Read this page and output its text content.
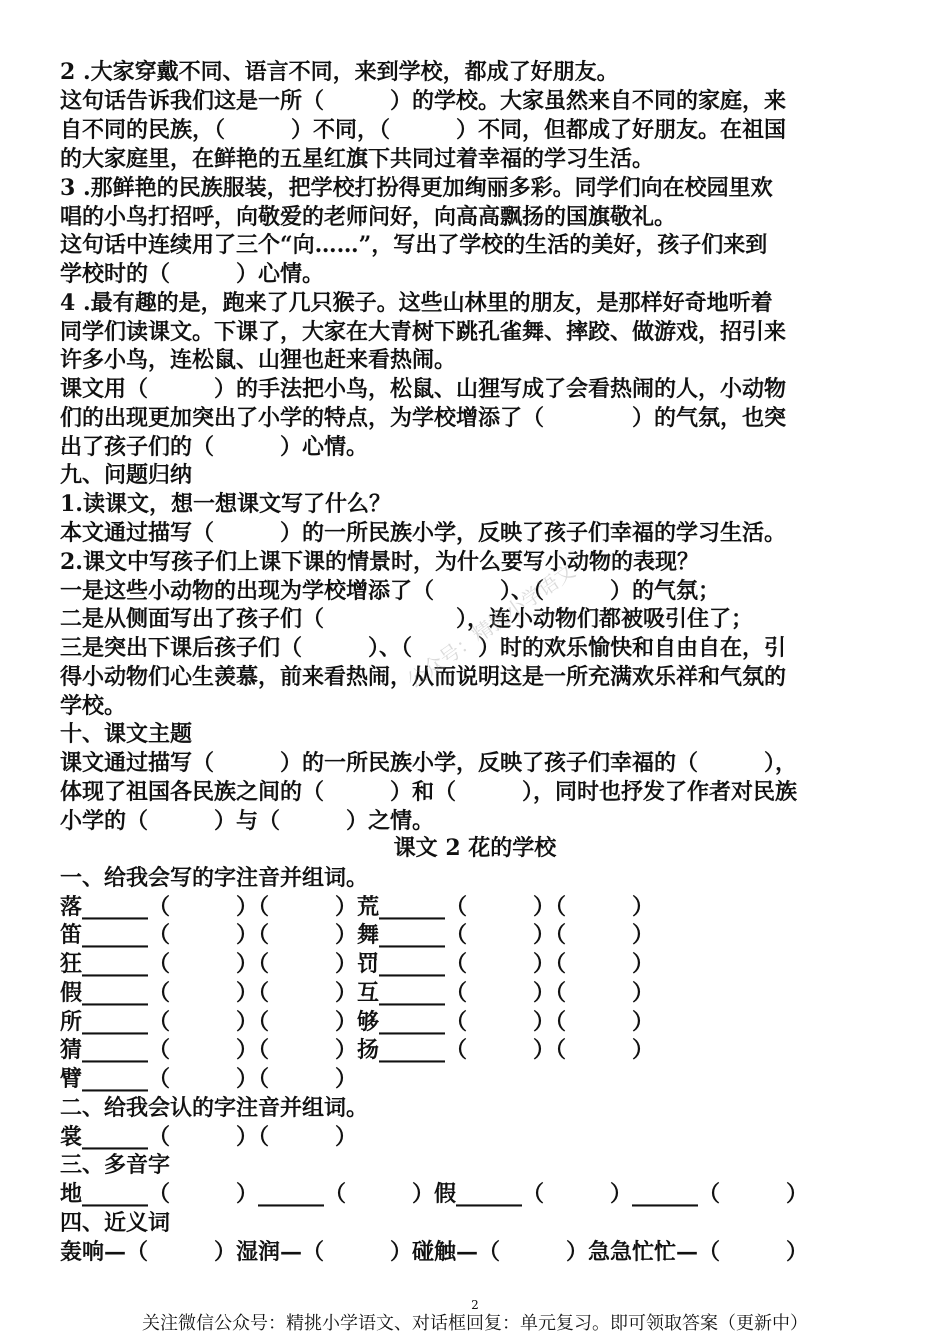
2 .大家穿戴不同、语言不同，来到学校，都成了好朋友。
这句话告诉我们这是一所（　　　）的学校。大家虽然来自不同的家庭，来
自不同的民族，（　　　）不同，（　　　）不同，但都成了好朋友。在祖国
的大家庭里，在鲜艳的五星红旗下共同过着幸福的学习生活。
3 .那鲜艳的民族服装，把学校打扮得更加绚丽多彩。同学们向在校园里欢
唱的小鸟打招呼，向敬爱的老师问好，向高高飘扬的国旗敬礼。
这句话中连续用了三个“向……”，写出了学校的生活的美好，孩子们来到
学校时的（　　　）心情。
4 .最有趣的是，跑来了几只猴子。这些山林里的朋友，是那样好奇地听着
同学们读课文。下课了，大家在大青树下跳孔雀舞、摔跤、做游戏，招引来
许多小鸟，连松鼠、山狸也赶来看热闹。
课文用（　　　）的手法把小鸟，松鼠、山狸写成了会看热闹的人，小动物
们的出现更加突出了小学的特点，为学校增添了（　　　　）的气氛，也突
出了孩子们的（　　　）心情。
九、问题归纳
1.读课文，想一想课文写了什么？
本文通过描写（　　　）的一所民族小学，反映了孩子们幸福的学习生活。
2.课文中写孩子们上课下课的情景时，为什么要写小动物的表现？
一是这些小动物的出现为学校增添了（　　　）、（　　　）的气氛；
二是从侧面写出了孩子们（　　　　　　），连小动物们都被吸引住了；
三是突出下课后孩子们（　　　）、（　　　）时的欢乐愉快和自由自在，引
得小动物们心生羡慕，前来看热闹，从而说明这是一所充满欢乐祥和气氛的
学校。
十、课文主题
课文通过描写（　　　）的一所民族小学，反映了孩子们幸福的（　　　），
体现了祖国各民族之间的（　　　）和（　　　），同时也抒发了作者对民族
小学的（　　　）与（　　　）之情。
课文 2 花的学校
一、给我会写的字注音并组词。
落______（　　　）（　　　）荒______（　　　）（　　　）
笛______（　　　）（　　　）舞______（　　　）（　　　）
狂______（　　　）（　　　）罚______（　　　）（　　　）
假______（　　　）（　　　）互______（　　　）（　　　）
所______（　　　）（　　　）够______（　　　）（　　　）
猜______（　　　）（　　　）扬______（　　　）（　　　）
臂______（　　　）（　　　）
二、给我会认的字注音并组词。
裳______（　　　）（　　　）
三、多音字
地______（　　　）______（　　　）假______（　　　）______（　　　）
四、近义词
轰响—（　　　）湿润—（　　　）碰触—（　　　）急急忙忙—（　　　）
公众号：精挑小学语文
2
关注微信公众号：精挑小学语文、对话框回复：单元复习。即可领取答案（更新中）
